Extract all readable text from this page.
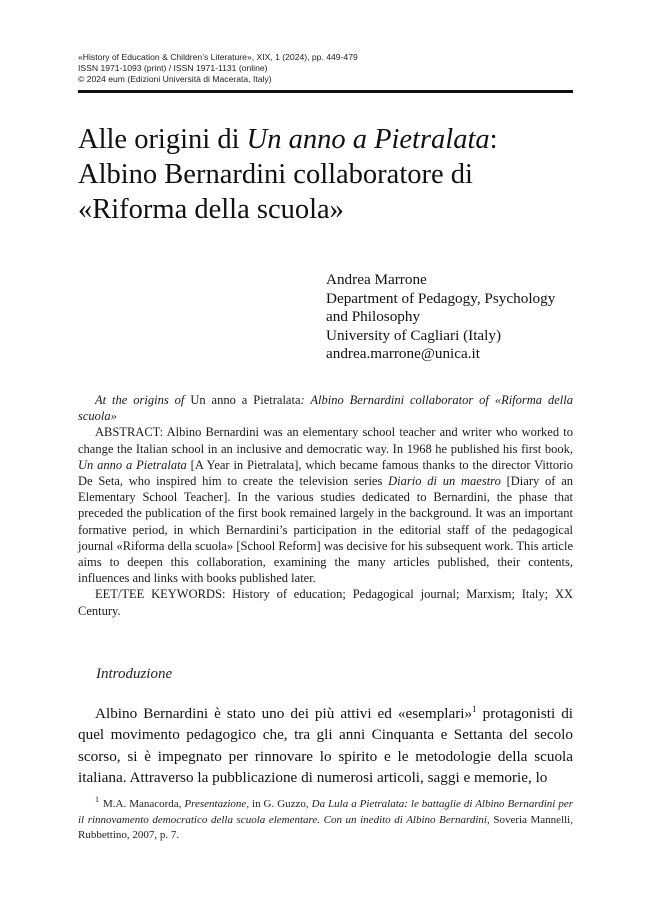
«History of Education & Children’s Literature», XIX, 1 (2024), pp. 449-479
ISSN 1971-1093 (print) / ISSN 1971-1131 (online)
© 2024 eum (Edizioni Università di Macerata, Italy)
Alle origini di Un anno a Pietralata:
Albino Bernardini collaboratore di
«Riforma della scuola»
Andrea Marrone
Department of Pedagogy, Psychology
and Philosophy
University of Cagliari (Italy)
andrea.marrone@unica.it

At the origins of Un anno a Pietralata: Albino Bernardini collaborator of «Riforma della scuola»

ABSTRACT: Albino Bernardini was an elementary school teacher and writer who worked to change the Italian school in an inclusive and democratic way. In 1968 he published his first book, Un anno a Pietralata [A Year in Pietralata], which became famous thanks to the director Vittorio De Seta, who inspired him to create the television series Diario di un maestro [Diary of an Elementary School Teacher]. In the various studies dedicated to Bernardini, the phase that preceded the publication of the first book remained largely in the background. It was an important formative period, in which Bernardini’s participation in the editorial staff of the pedagogical journal «Riforma della scuola» [School Reform] was decisive for his subsequent work. This article aims to deepen this collaboration, examining the many articles published, their contents, influences and links with books published later.

EET/TEE KEYWORDS: History of education; Pedagogical journal; Marxism; Italy; XX Century.

Introduzione

Albino Bernardini è stato uno dei più attivi ed «esemplari»$^1$ protagonisti di quel movimento pedagogico che, tra gli anni Cinquanta e Settanta del secolo scorso, si è impegnato per rinnovare lo spirito e le metodologie della scuola italiana. Attraverso la pubblicazione di numerosi articoli, saggi e memorie, lo

$^1$ M.A. Manacorda, Presentazione, in G. Guzzo, Da Lula a Pietralata: le battaglie di Albino Bernardini per il rinnovamento democratico della scuola elementare. Con un inedito di Albino Bernardini, Soveria Mannelli, Rubbettino, 2007, p. 7.
